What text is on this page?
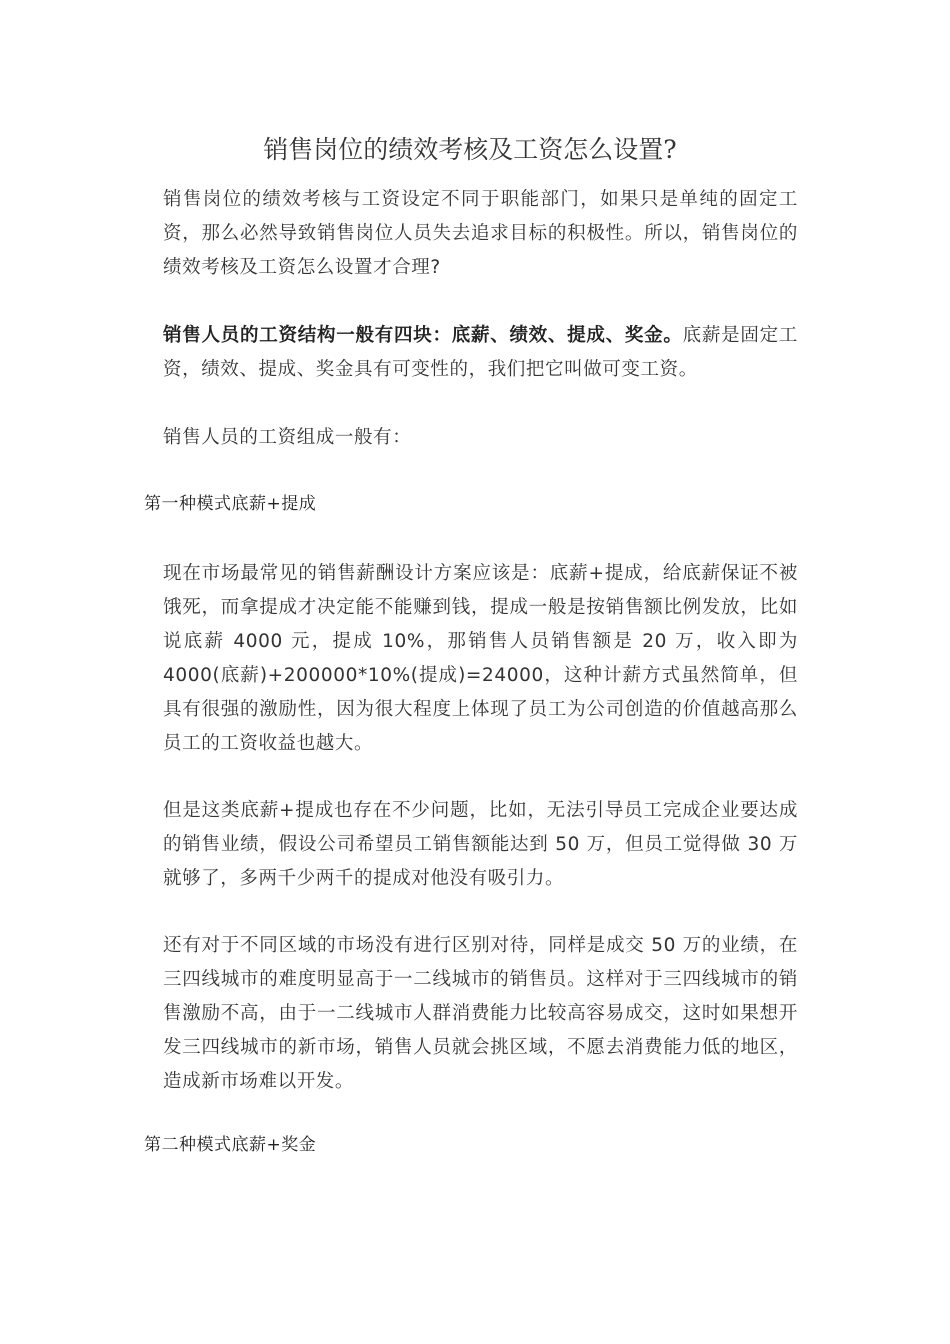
销售岗位的绩效考核及工资怎么设置?

销售岗位的绩效考核与工资设定不同于职能部门，如果只是单纯的固定工资，那么必然导致销售岗位人员失去追求目标的积极性。所以，销售岗位的绩效考核及工资怎么设置才合理?

销售人员的工资结构一般有四块：底薪、绩效、提成、奖金。底薪是固定工资，绩效、提成、奖金具有可变性的，我们把它叫做可变工资。

销售人员的工资组成一般有：

第一种模式底薪+提成

现在市场最常见的销售薪酬设计方案应该是：底薪+提成，给底薪保证不被饿死，而拿提成才决定能不能赚到钱，提成一般是按销售额比例发放，比如说底薪 4000 元，提成 10%，那销售人员销售额是 20 万，收入即为 4000(底薪)+200000*10%(提成)=24000，这种计薪方式虽然简单，但具有很强的激励性，因为很大程度上体现了员工为公司创造的价值越高那么员工的工资收益也越大。

但是这类底薪+提成也存在不少问题，比如，无法引导员工完成企业要达成的销售业绩，假设公司希望员工销售额能达到 50 万，但员工觉得做 30 万就够了，多两千少两千的提成对他没有吸引力。

还有对于不同区域的市场没有进行区别对待，同样是成交 50 万的业绩，在三四线城市的难度明显高于一二线城市的销售员。这样对于三四线城市的销售激励不高，由于一二线城市人群消费能力比较高容易成交，这时如果想开发三四线城市的新市场，销售人员就会挑区域，不愿去消费能力低的地区，造成新市场难以开发。

第二种模式底薪+奖金
